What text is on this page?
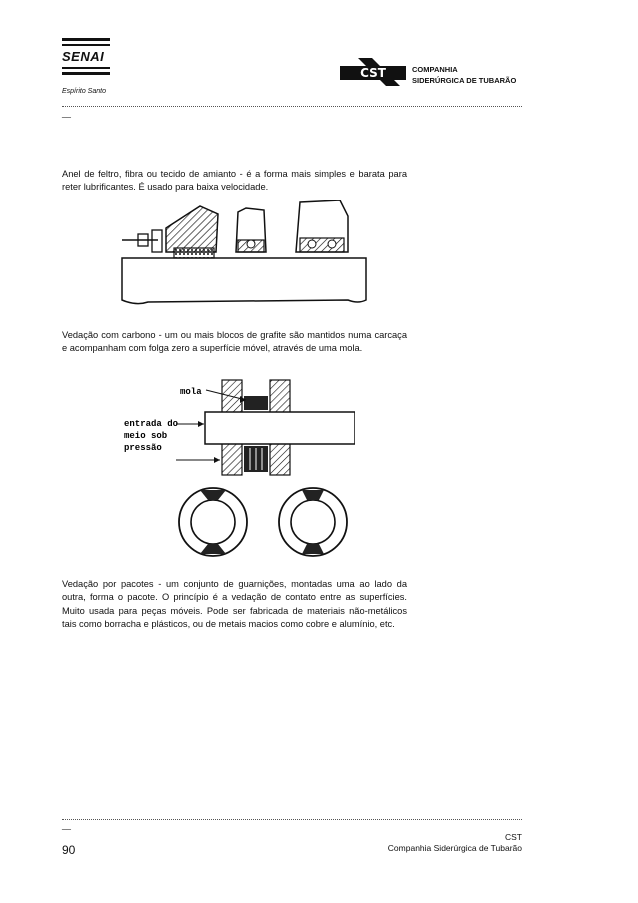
SENAI
Espírito Santo
CST	COMPANHIA
SIDERÚRGICA DE TUBARÃO
__
Anel de feltro, fibra ou tecido de amianto - é a forma mais simples e barata para reter lubrificantes. É usado para baixa velocidade.
Vedação com carbono - um ou mais blocos de grafite são mantidos numa carcaça e acompanham com folga zero a superfície móvel, através de uma mola.
mola
entrada do
meio sob
pressão
Vedação por pacotes - um conjunto de guarnições, montadas uma ao lado da outra, forma o pacote. O princípio é a vedação de contato entre as superfícies. Muito usada para peças móveis. Pode ser fabricada de materiais não-metálicos tais como borracha e plásticos, ou de metais macios como cobre e alumínio, etc.
__
90
CST
Companhia Siderúrgica de Tubarão
